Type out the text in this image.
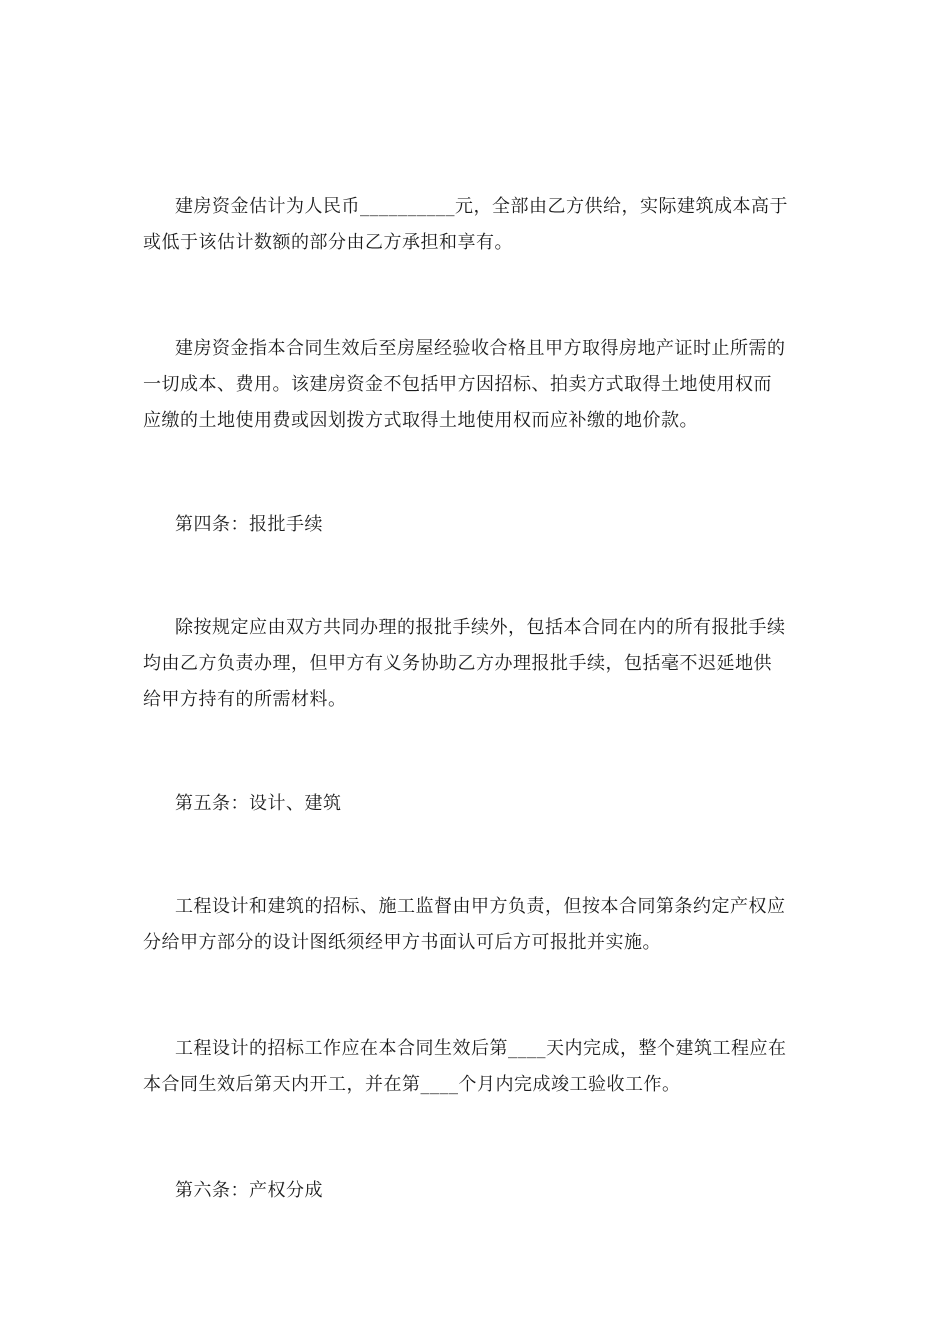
建房资金估计为人民币__________元，全部由乙方供给，实际建筑成本高于
或低于该估计数额的部分由乙方承担和享有。
建房资金指本合同生效后至房屋经验收合格且甲方取得房地产证时止所需的
一切成本、费用。该建房资金不包括甲方因招标、拍卖方式取得土地使用权而
应缴的土地使用费或因划拨方式取得土地使用权而应补缴的地价款。
第四条：报批手续
除按规定应由双方共同办理的报批手续外，包括本合同在内的所有报批手续
均由乙方负责办理，但甲方有义务协助乙方办理报批手续，包括毫不迟延地供
给甲方持有的所需材料。
第五条：设计、建筑
工程设计和建筑的招标、施工监督由甲方负责，但按本合同第条约定产权应
分给甲方部分的设计图纸须经甲方书面认可后方可报批并实施。
工程设计的招标工作应在本合同生效后第____天内完成，整个建筑工程应在
本合同生效后第天内开工，并在第____个月内完成竣工验收工作。
第六条：产权分成
